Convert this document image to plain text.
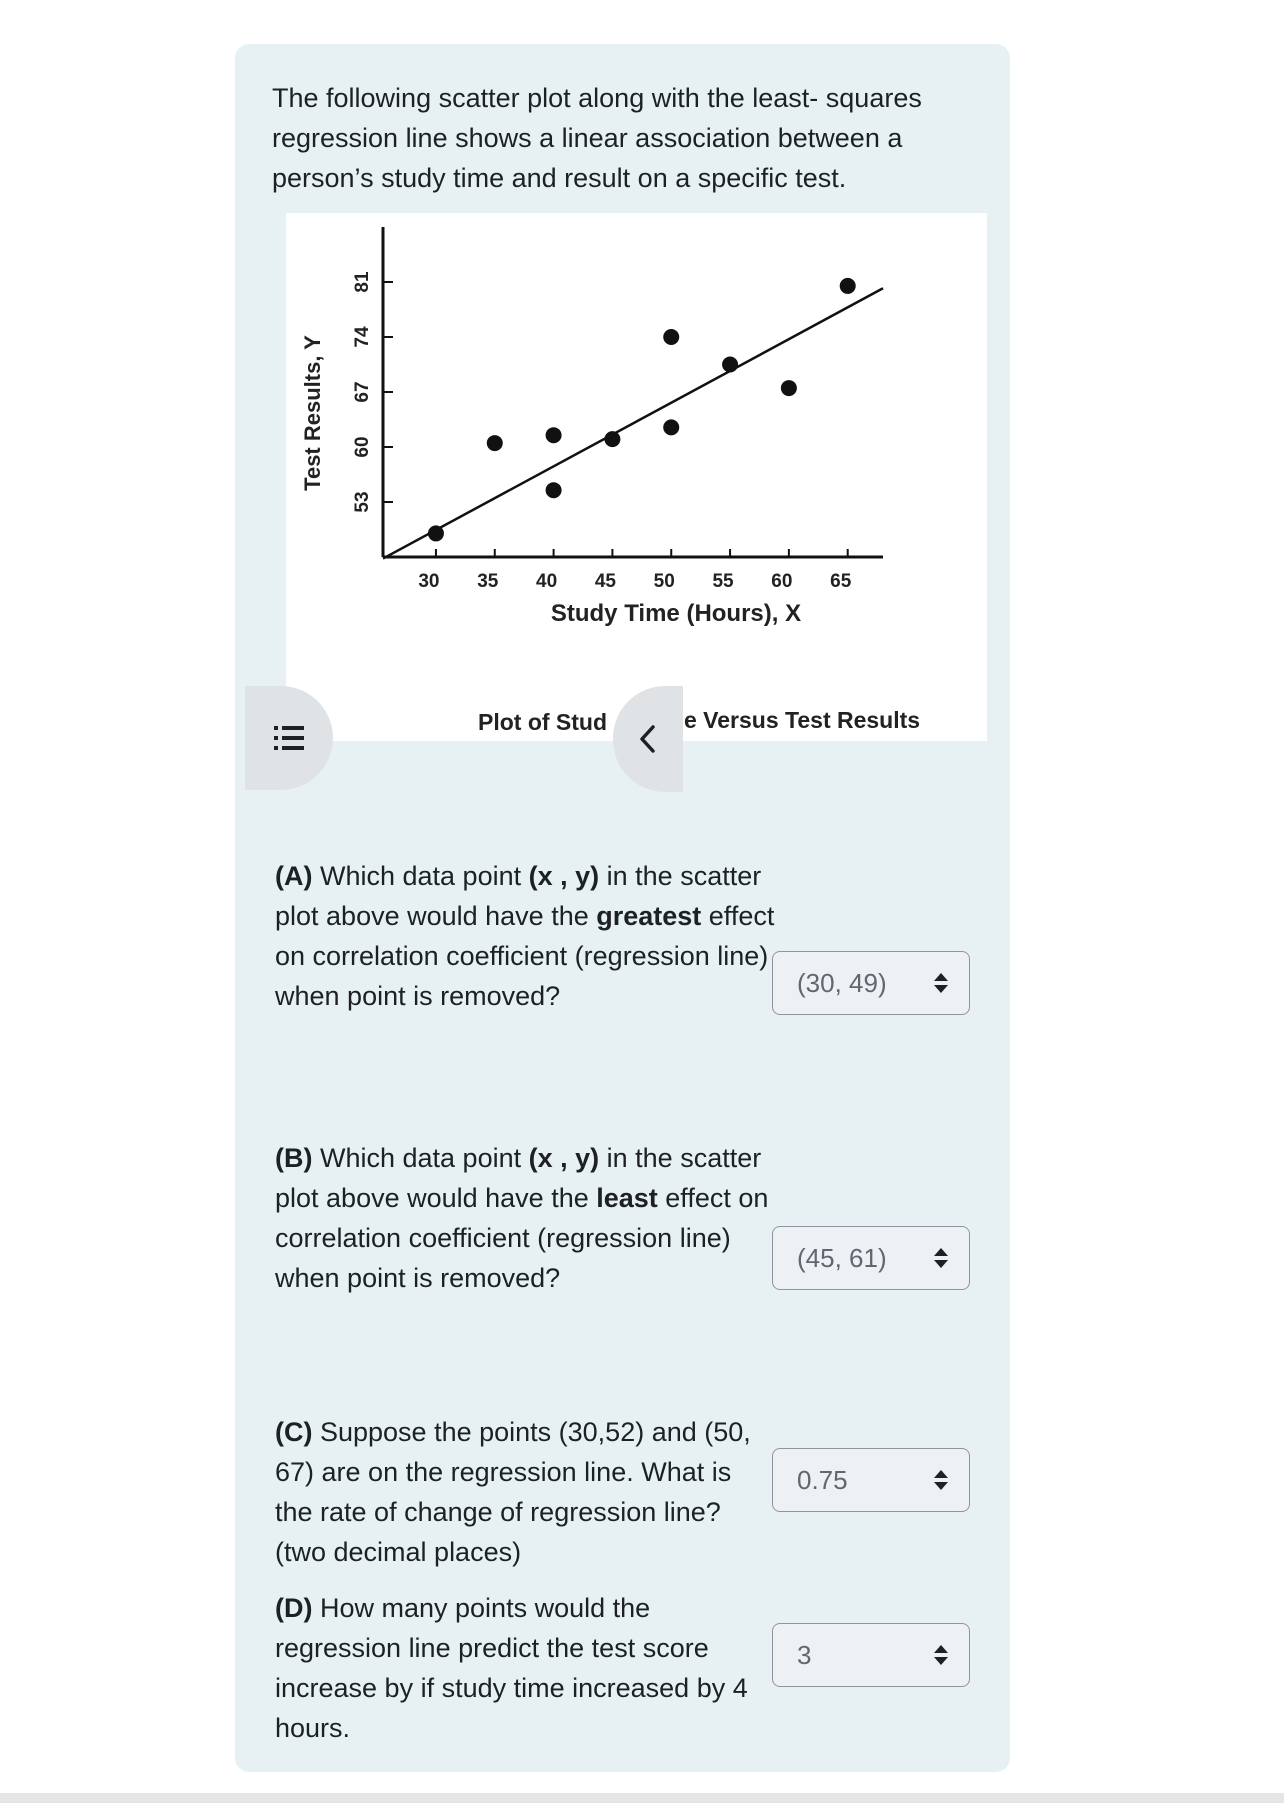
The following scatter plot along with the least- squares regression line shows a linear association between a person’s study time and result on a specific test.
53
60
67
74
81
30 35 40 45 50 55 60 65
Test Results, Y
Study Time (Hours), X
Plot of Stud	e Versus Test Results
(A) Which data point (x , y) in the scatter plot above would have the greatest effect on correlation coefficient (regression line) when point is removed?	(30, 49)
(B) Which data point (x , y) in the scatter plot above would have the least effect on correlation coefficient (regression line) when point is removed?
(45, 61)
(C) Suppose the points (30,52) and (50, 67) are on the regression line. What is the rate of change of regression line? (two decimal places)
0.75
(D) How many points would the regression line predict the test score increase by if study time increased by 4 hours.
3
